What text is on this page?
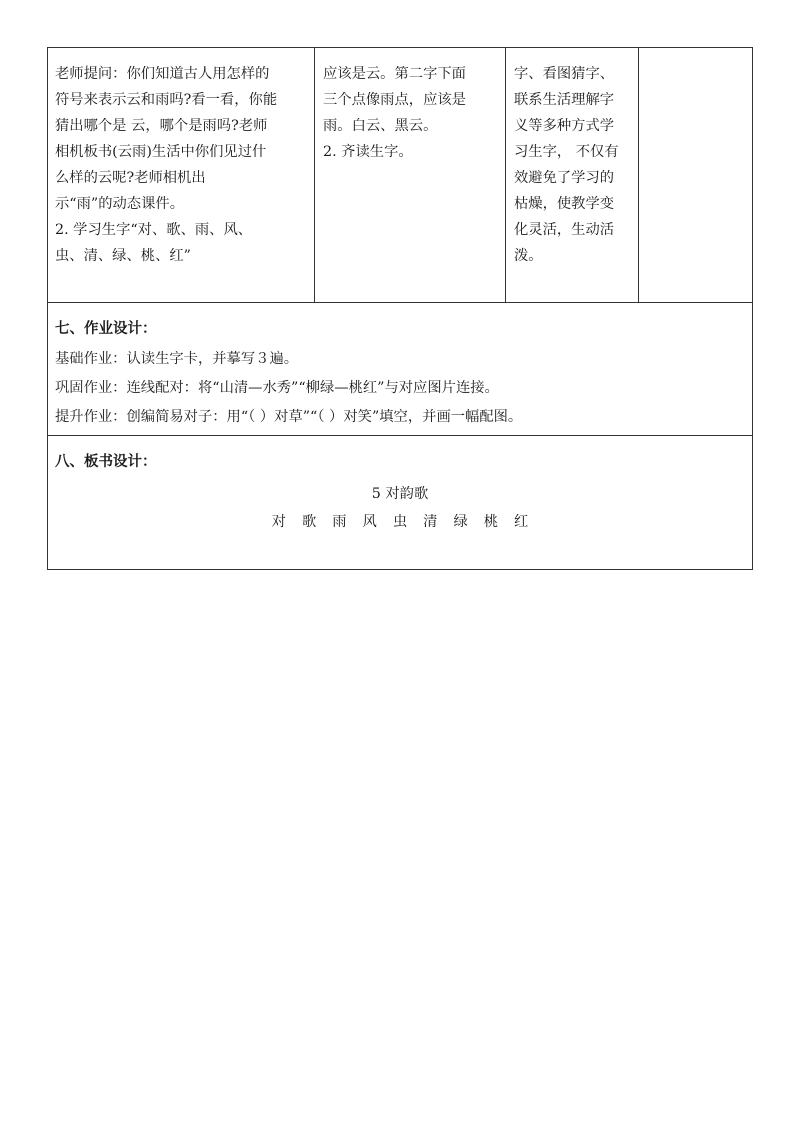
老师提问：你们知道古人用怎样的
符号来表示云和雨吗?看一看，你能
猜出哪个是 云，哪个是雨吗?老师
相机板书(云雨)生活中你们见过什
么样的云呢?老师相机出
示“雨”的动态课件。
2. 学习生字“对、歌、雨、风、
虫、清、绿、桃、红”
应该是云。第二字下面
三个点像雨点，应该是
雨。白云、黑云。
2. 齐读生字。
字、看图猜字、
联系生活理解字
义等多种方式学
习生字， 不仅有
效避免了学习的
枯燥，使教学变
化灵活，生动活
泼。
七、作业设计：
基础作业：认读生字卡，并摹写３遍。
巩固作业：连线配对：将“山清—水秀”“柳绿—桃红”与对应图片连接。
提升作业：创编简易对子：用“（ ）对草”“（ ）对笑”填空，并画一幅配图。
八、板书设计：
5 对韵歌
对 歌 雨 风 虫 清 绿 桃 红
